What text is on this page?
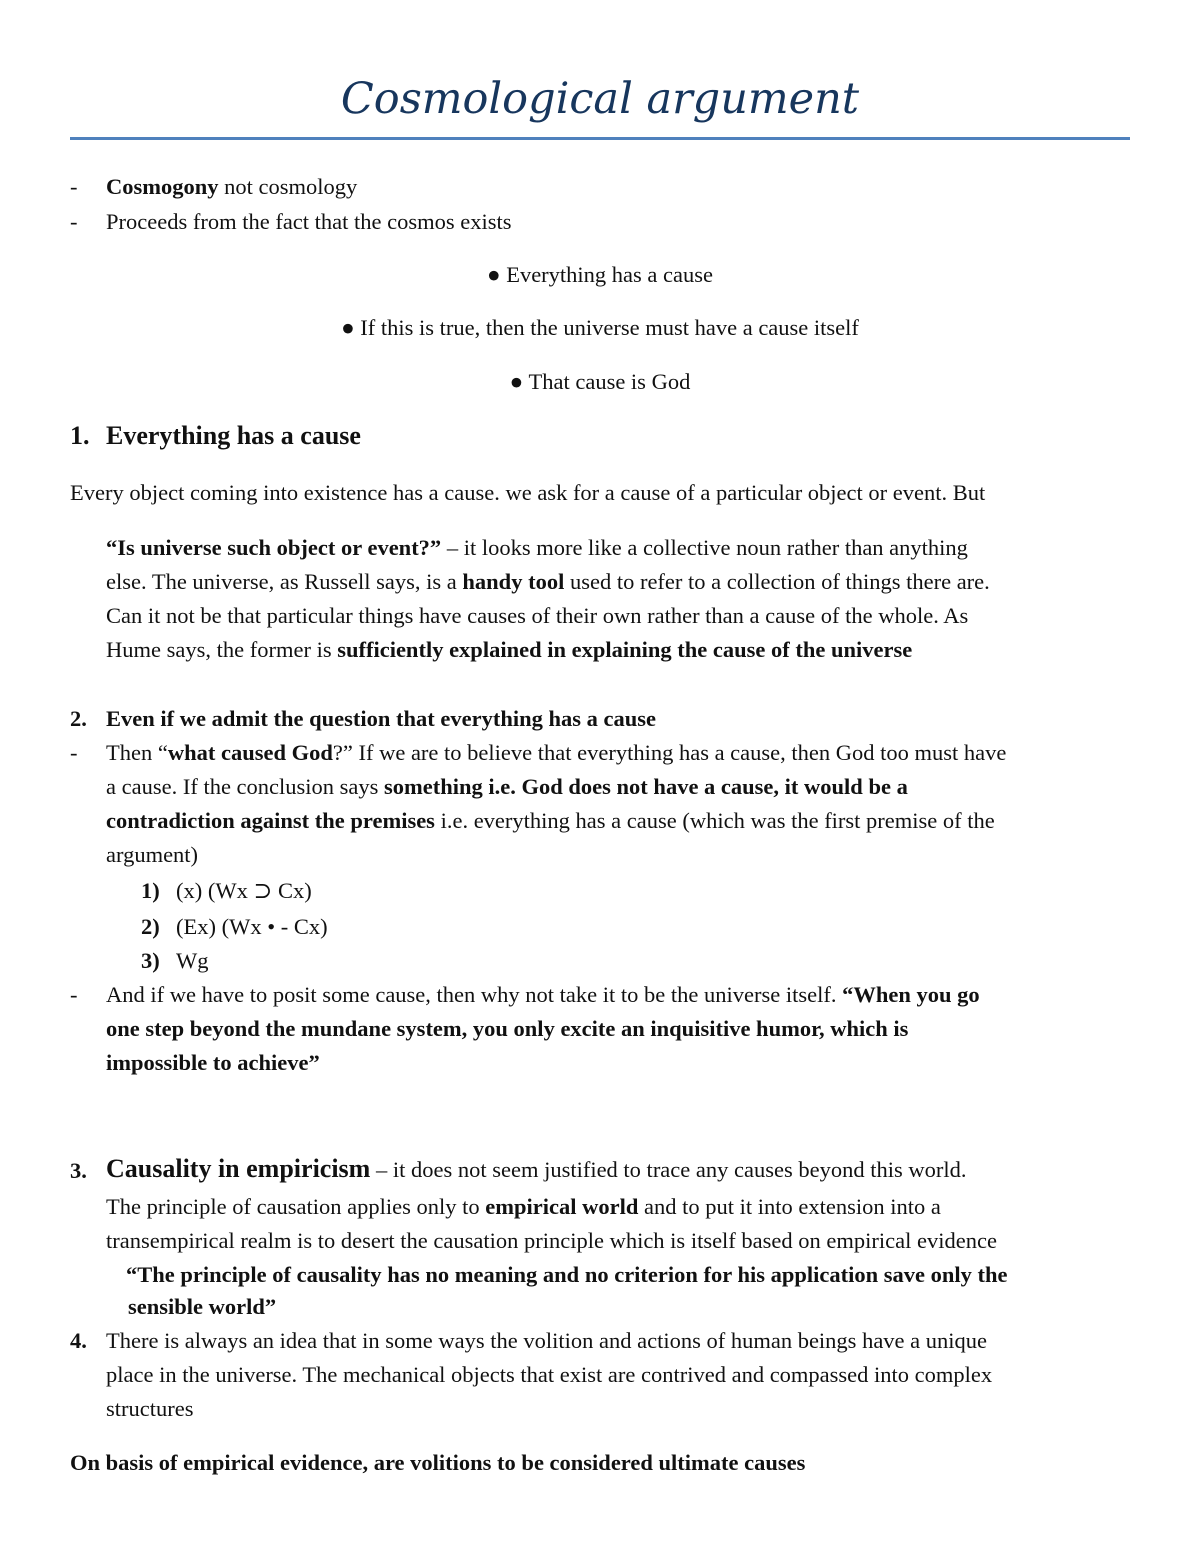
Cosmological argument
- Cosmogony not cosmology
- Proceeds from the fact that the cosmos exists
● Everything has a cause
● If this is true, then the universe must have a cause itself
● That cause is God
1. Everything has a cause
Every object coming into existence has a cause. we ask for a cause of a particular object or event. But
“Is universe such object or event?” – it looks more like a collective noun rather than anything
else. The universe, as Russell says, is a handy tool used to refer to a collection of things there are.
Can it not be that particular things have causes of their own rather than a cause of the whole. As
Hume says, the former is sufficiently explained in explaining the cause of the universe
2. Even if we admit the question that everything has a cause
- Then “what caused God?” If we are to believe that everything has a cause, then God too must have
a cause. If the conclusion says something i.e. God does not have a cause, it would be a
contradiction against the premises i.e. everything has a cause (which was the first premise of the
argument)
1) (x) (Wx ⊃ Cx)
2) (Ex) (Wx • - Cx)
3) Wg
- And if we have to posit some cause, then why not take it to be the universe itself. “When you go
one step beyond the mundane system, you only excite an inquisitive humor, which is
impossible to achieve”
3. Causality in empiricism – it does not seem justified to trace any causes beyond this world.
The principle of causation applies only to empirical world and to put it into extension into a
transempirical realm is to desert the causation principle which is itself based on empirical evidence
“The principle of causality has no meaning and no criterion for his application save only the
sensible world”
4. There is always an idea that in some ways the volition and actions of human beings have a unique
place in the universe. The mechanical objects that exist are contrived and compassed into complex
structures
On basis of empirical evidence, are volitions to be considered ultimate causes
